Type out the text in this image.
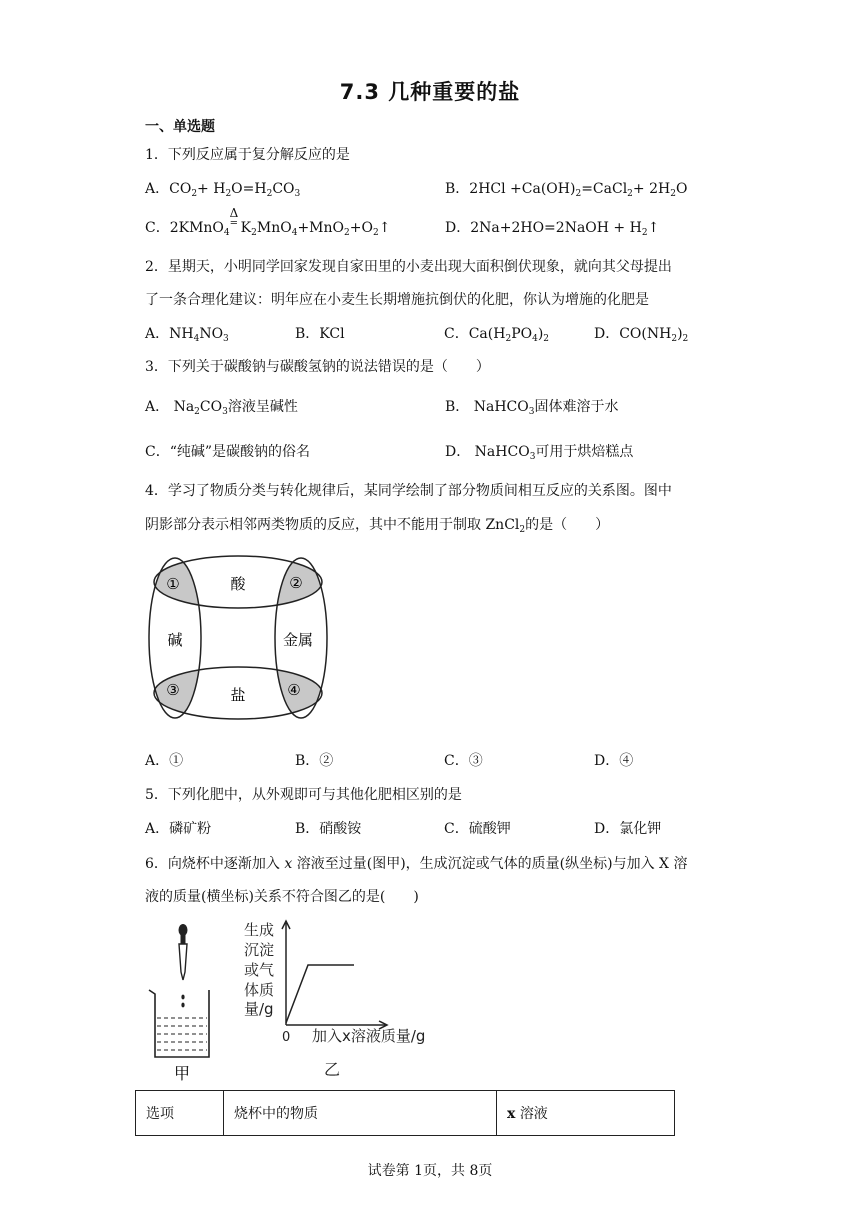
7.3 几种重要的盐
一、单选题
1．下列反应属于复分解反应的是
A．$CO_2+ H_2O=H_2CO_3$	B．$2HCl +Ca(OH)_2=CaCl_2+ 2H_2O$
C．2KMnO$_4$
Δ
= $K_2MnO_4+MnO_2+O_2↑$	D．2Na+2HO=2NaOH + $H_2↑$
2．星期天，小明同学回家发现自家田里的小麦出现大面积倒伏现象，就向其父母提出
了一条合理化建议：明年应在小麦生长期增施抗倒伏的化肥，你认为增施的化肥是
A．$NH_4NO_3$	B．KCl	C．$Ca(H_2PO_4)_2$	D．$CO(NH_2)_2$
3．下列关于碳酸钠与碳酸氢钠的说法错误的是（　　）
A． $Na_2CO_3$溶液呈碱性	B． NaHCO$_3$固体难溶于水
C．“纯碱”是碳酸钠的俗名	D． NaHCO$_3$可用于烘焙糕点
4．学习了物质分类与转化规律后，某同学绘制了部分物质间相互反应的关系图。图中
阴影部分表示相邻两类物质的反应，其中不能用于制取 ZnCl$_2$的是（　　）
酸
碱	金属
盐
①	②
③	④
A．①	B．②	C．③	D．④
5．下列化肥中，从外观即可与其他化肥相区别的是
A．磷矿粉	B．硝酸铵	C．硫酸钾	D．氯化钾
6．向烧杯中逐渐加入 x 溶液至过量(图甲)，生成沉淀或气体的质量(纵坐标)与加入 X 溶
液的质量(横坐标)关系不符合图乙的是(　　)
甲
生成
沉淀
或气
体质
量/g
0 加入x溶液质量/g
乙
选项	烧杯中的物质	x 溶液
试卷第 1页，共 8页
